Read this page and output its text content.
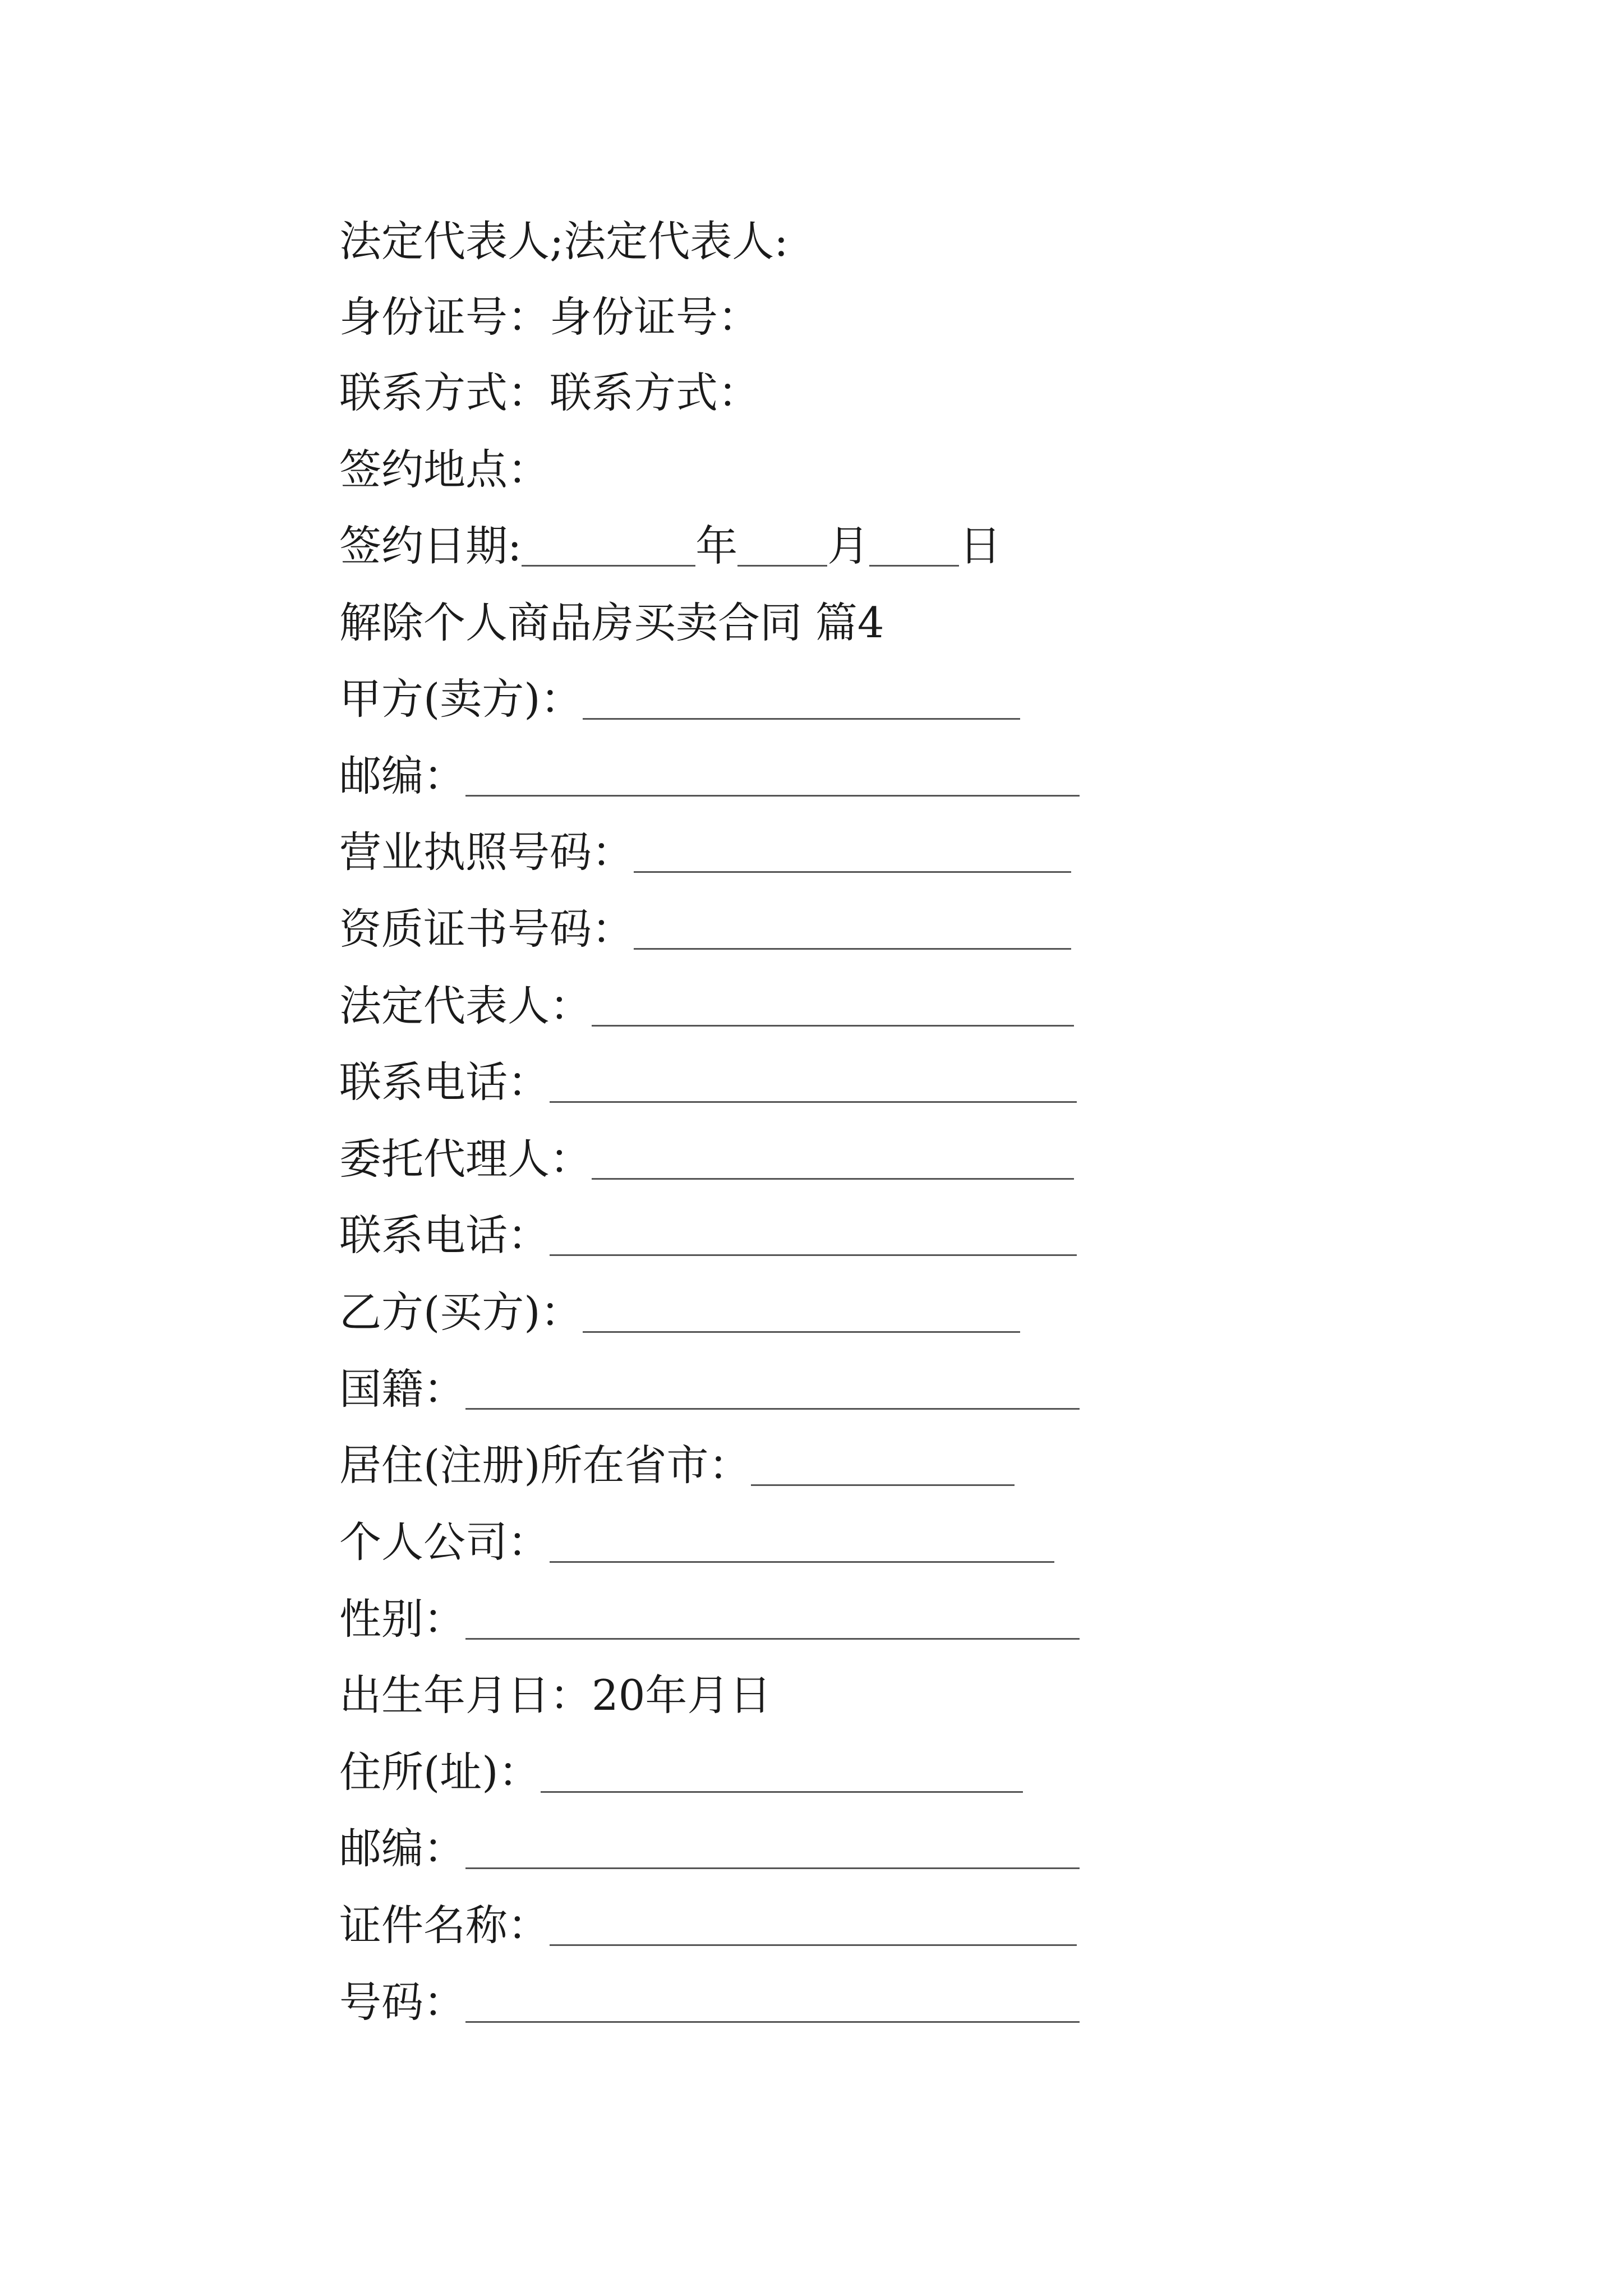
法定代表人;法定代表人:
身份证号：身份证号：
联系方式：联系方式：
签约地点：
签约日期:	年 月 日
解除个人商品房买卖合同 篇4
甲方(卖方)：
邮编：
营业执照号码：
资质证书号码：
法定代表人：
联系电话：
委托代理人：
联系电话：
乙方(买方)：
国籍：
居住(注册)所在省市：
个人公司：
性别：
出生年月日：20年月日
住所(址)：
邮编：
证件名称：
号码：
